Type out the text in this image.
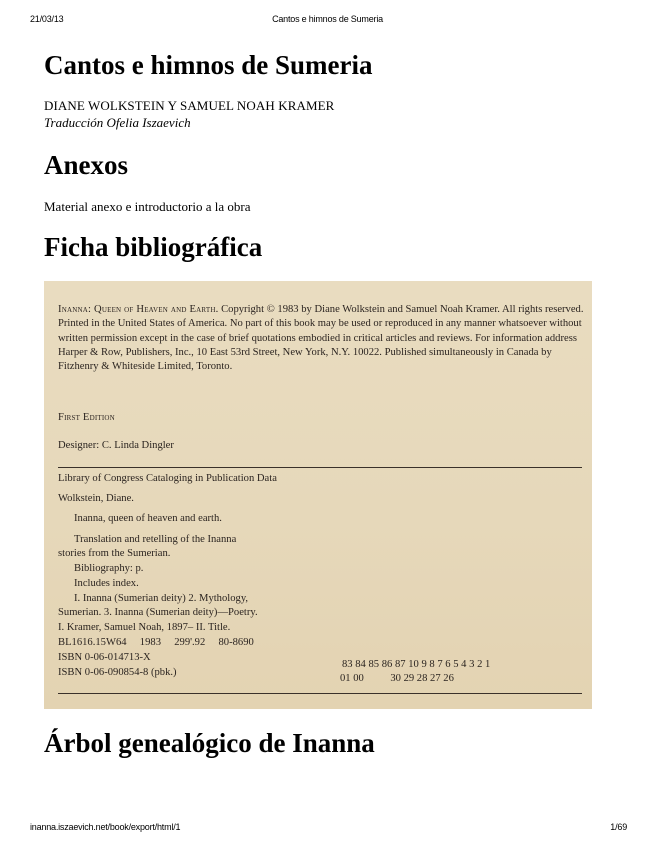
21/03/13	Cantos e himnos de Sumeria
Cantos e himnos de Sumeria
DIANE WOLKSTEIN Y SAMUEL NOAH KRAMER
Traducción Ofelia Iszaevich
Anexos
Material anexo e introductorio a la obra
Ficha bibliográfica
Inanna: Queen of Heaven and Earth. Copyright © 1983 by Diane Wolkstein and Samuel Noah Kramer. All rights reserved. Printed in the United States of America. No part of this book may be used or reproduced in any manner whatsoever without written permission except in the case of brief quotations embodied in critical articles and reviews. For information address Harper & Row, Publishers, Inc., 10 East 53rd Street, New York, N.Y. 10022. Published simultaneously in Canada by Fitzhenry & Whiteside Limited, Toronto.
First Edition
Designer: C. Linda Dingler
Library of Congress Cataloging in Publication Data
Wolkstein, Diane.
Inanna, queen of heaven and earth.
Translation and retelling of the Inanna
stories from the Sumerian.
Bibliography: p.
Includes index.
I. Inanna (Sumerian deity) 2. Mythology,
Sumerian. 3. Inanna (Sumerian deity)—Poetry.
I. Kramer, Samuel Noah, 1897– II. Title.
BL1616.15W64     1983     299'.92     80-8690
ISBN 0-06-014713-X
ISBN 0-06-090854-8 (pbk.)
83 84 85 86 87 10 9 8 7 6 5 4 3 2 1
01 00          30 29 28 27 26
Árbol genealógico de Inanna
inanna.iszaevich.net/book/export/html/1	1/69
